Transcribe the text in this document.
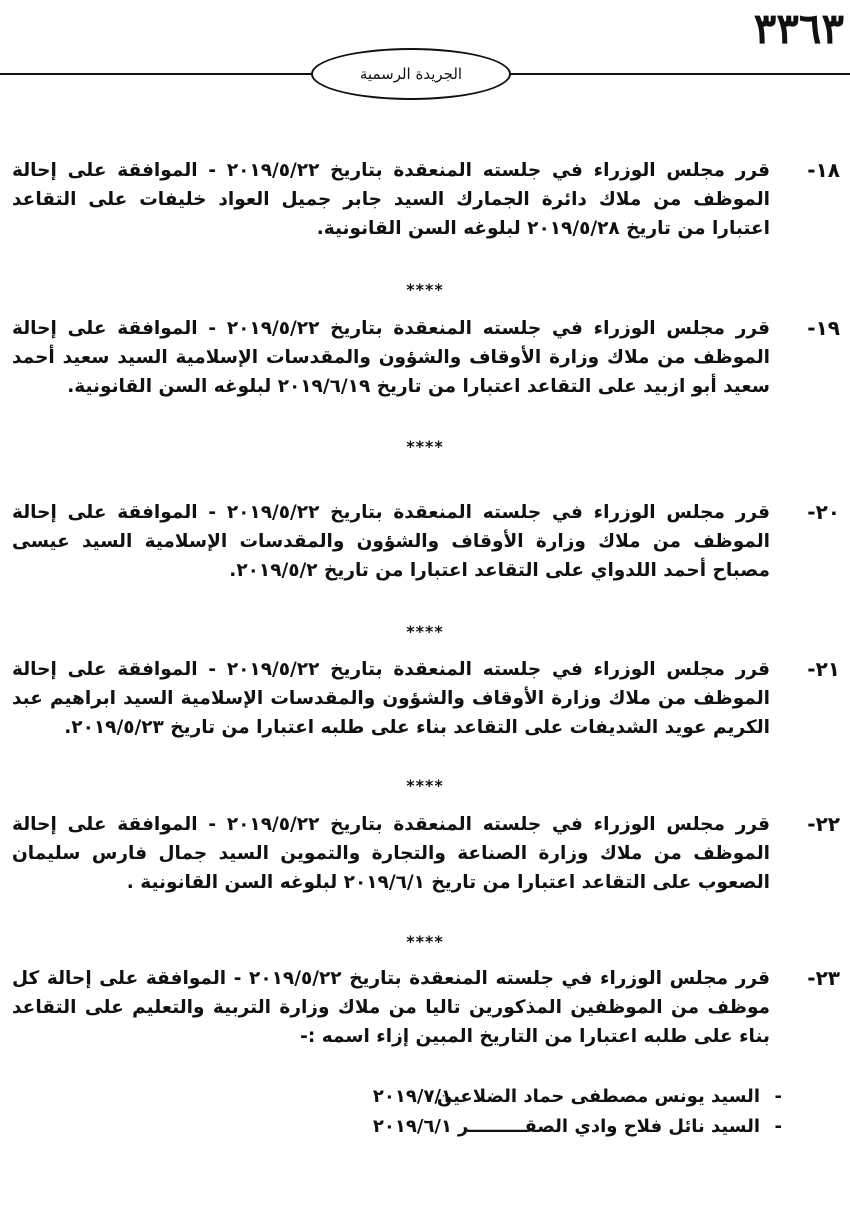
٣٣٦٣
الجريدة الرسمية
١٨-
قرر مجلس الوزراء في جلسته المنعقدة بتاريخ ٢٠١٩/٥/٢٢ - الموافقة على إحالة الموظف من ملاك دائرة الجمارك السيد جابر جميل العواد خليفات على التقاعد اعتبارا من تاريخ ٢٠١٩/٥/٢٨ لبلوغه السن القانونية.
****
١٩-
قرر مجلس الوزراء في جلسته المنعقدة بتاريخ ٢٠١٩/٥/٢٢ - الموافقة على إحالة الموظف من ملاك وزارة الأوقاف والشؤون والمقدسات الإسلامية السيد سعيد أحمد سعيد أبو ازبيد على التقاعد اعتبارا من تاريخ ٢٠١٩/٦/١٩ لبلوغه السن القانونية.
****
٢٠-
قرر مجلس الوزراء في جلسته المنعقدة بتاريخ ٢٠١٩/٥/٢٢ - الموافقة على إحالة الموظف من ملاك وزارة الأوقاف والشؤون والمقدسات الإسلامية السيد عيسى مصباح أحمد اللدواي على التقاعد اعتبارا من تاريخ ٢٠١٩/٥/٢.
****
٢١-
قرر مجلس الوزراء في جلسته المنعقدة بتاريخ ٢٠١٩/٥/٢٢ - الموافقة على إحالة الموظف من ملاك وزارة الأوقاف والشؤون والمقدسات الإسلامية السيد ابراهيم عبد الكريم عويد الشديفات على التقاعد بناء على طلبه اعتبارا من تاريخ ٢٠١٩/٥/٢٣.
****
٢٢-
قرر مجلس الوزراء في جلسته المنعقدة بتاريخ ٢٠١٩/٥/٢٢ - الموافقة على إحالة الموظف من ملاك وزارة الصناعة والتجارة والتموين السيد جمال فارس سليمان الصعوب على التقاعد اعتبارا من تاريخ ٢٠١٩/٦/١ لبلوغه السن القانونية .
****
٢٣-
قرر مجلس الوزراء في جلسته المنعقدة بتاريخ ٢٠١٩/٥/٢٢ - الموافقة على إحالة كل موظف من الموظفين المذكورين تاليا من ملاك وزارة التربية والتعليم على التقاعد بناء على طلبه اعتبارا من التاريخ المبين إزاء اسمه :-
-
السيد يونس مصطفى حماد الضلاعين
٢٠١٩/٧/١
-
السيد نائل فلاح وادي الصقـــــــــر
٢٠١٩/٦/١
